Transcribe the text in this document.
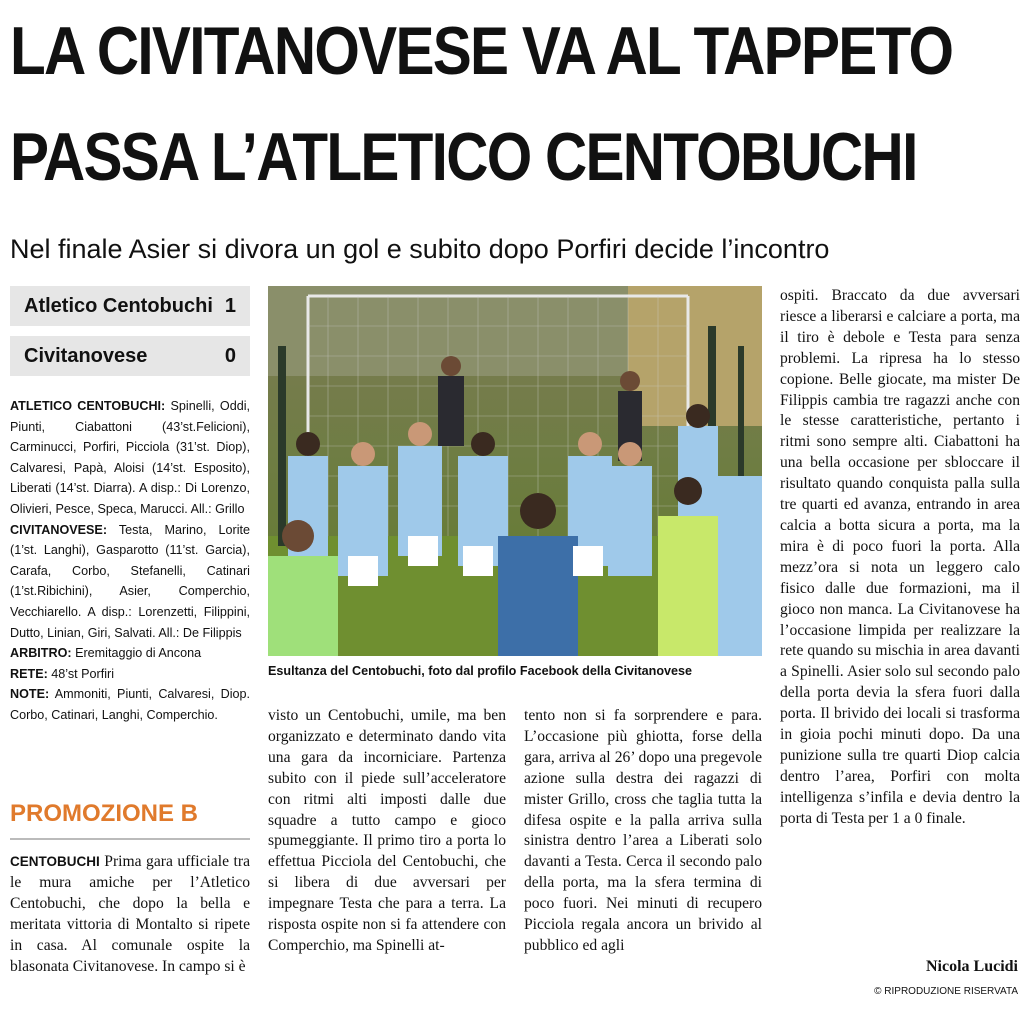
LA CIVITANOVESE VA AL TAPPETO
PASSA L’ATLETICO CENTOBUCHI
Nel finale Asier si divora un gol e subito dopo Porfiri decide l’incontro
Atletico Centobuchi 1
Civitanovese	0

ATLETICO CENTOBUCHI: Spinelli, Oddi, Piunti, Ciabattoni (43’st.Felicioni), Carminucci, Porfiri, Picciola (31’st. Diop), Calvaresi, Papà, Aloisi (14’st. Esposito), Liberati (14’st. Diarra). A disp.: Di Lorenzo, Olivieri, Pesce, Speca, Marucci. All.: Grillo

CIVITANOVESE: Testa, Marino, Lorite (1’st. Langhi), Gasparotto (11’st. Garcia), Carafa, Corbo, Stefanelli, Catinari (1’st.Ribichini), Asier, Comperchio, Vecchiarello. A disp.: Lorenzetti, Filippini, Dutto, Linian, Giri, Salvati. All.: De Filippis

ARBITRO: Eremitaggio di Ancona

RETE: 48’st Porfiri

NOTE: Ammoniti, Piunti, Calvaresi, Diop. Corbo, Catinari, Langhi, Comperchio.

PROMOZIONE B
CENTOBUCHI Prima gara ufficiale tra le mura amiche per l’Atletico Centobuchi, che dopo la bella e meritata vittoria di Montalto si ripete in casa. Al comunale ospite la blasonata Civitanovese. In campo si è
Esultanza del Centobuchi, foto dal profilo Facebook della Civitanovese
visto un Centobuchi, umile, ma ben organizzato e determinato dando vita una gara da incorniciare. Partenza subito con il piede sull’acceleratore con ritmi alti imposti dalle due squadre a tutto campo e gioco spumeggiante. Il primo tiro a porta lo effettua Picciola del Centobuchi, che si libera di due avversari per impegnare Testa che para a terra. La risposta ospite non si fa attendere con Comperchio, ma Spinelli at-
tento non si fa sorprendere e para. L’occasione più ghiotta, forse della gara, arriva al 26’ dopo una pregevole azione sulla destra dei ragazzi di mister Grillo, cross che taglia tutta la difesa ospite e la palla arriva sulla sinistra dentro l’area a Liberati solo davanti a Testa. Cerca il secondo palo della porta, ma la sfera termina di poco fuori. Nei minuti di recupero Picciola regala ancora un brivido al pubblico ed agli
ospiti. Braccato da due avversari riesce a liberarsi e calciare a porta, ma il tiro è debole e Testa para senza problemi. La ripresa ha lo stesso copione. Belle giocate, ma mister De Filippis cambia tre ragazzi anche con le stesse caratteristiche, pertanto i ritmi sono sempre alti. Ciabattoni ha una bella occasione per sbloccare il risultato quando conquista palla sulla tre quarti ed avanza, entrando in area calcia a botta sicura a porta, ma la mira è di poco fuori la porta. Alla mezz’ora si nota un leggero calo fisico dalle due formazioni, ma il gioco non manca. La Civitanovese ha l’occasione limpida per realizzare la rete quando su mischia in area davanti a Spinelli. Asier solo sul secondo palo della porta devia la sfera fuori dalla porta. Il brivido dei locali si trasforma in gioia pochi minuti dopo. Da una punizione sulla tre quarti Diop calcia dentro l’area, Porfiri con molta intelligenza s’infila e devia dentro la porta di Testa per 1 a 0 finale.
Nicola Lucidi
© RIPRODUZIONE RISERVATA
